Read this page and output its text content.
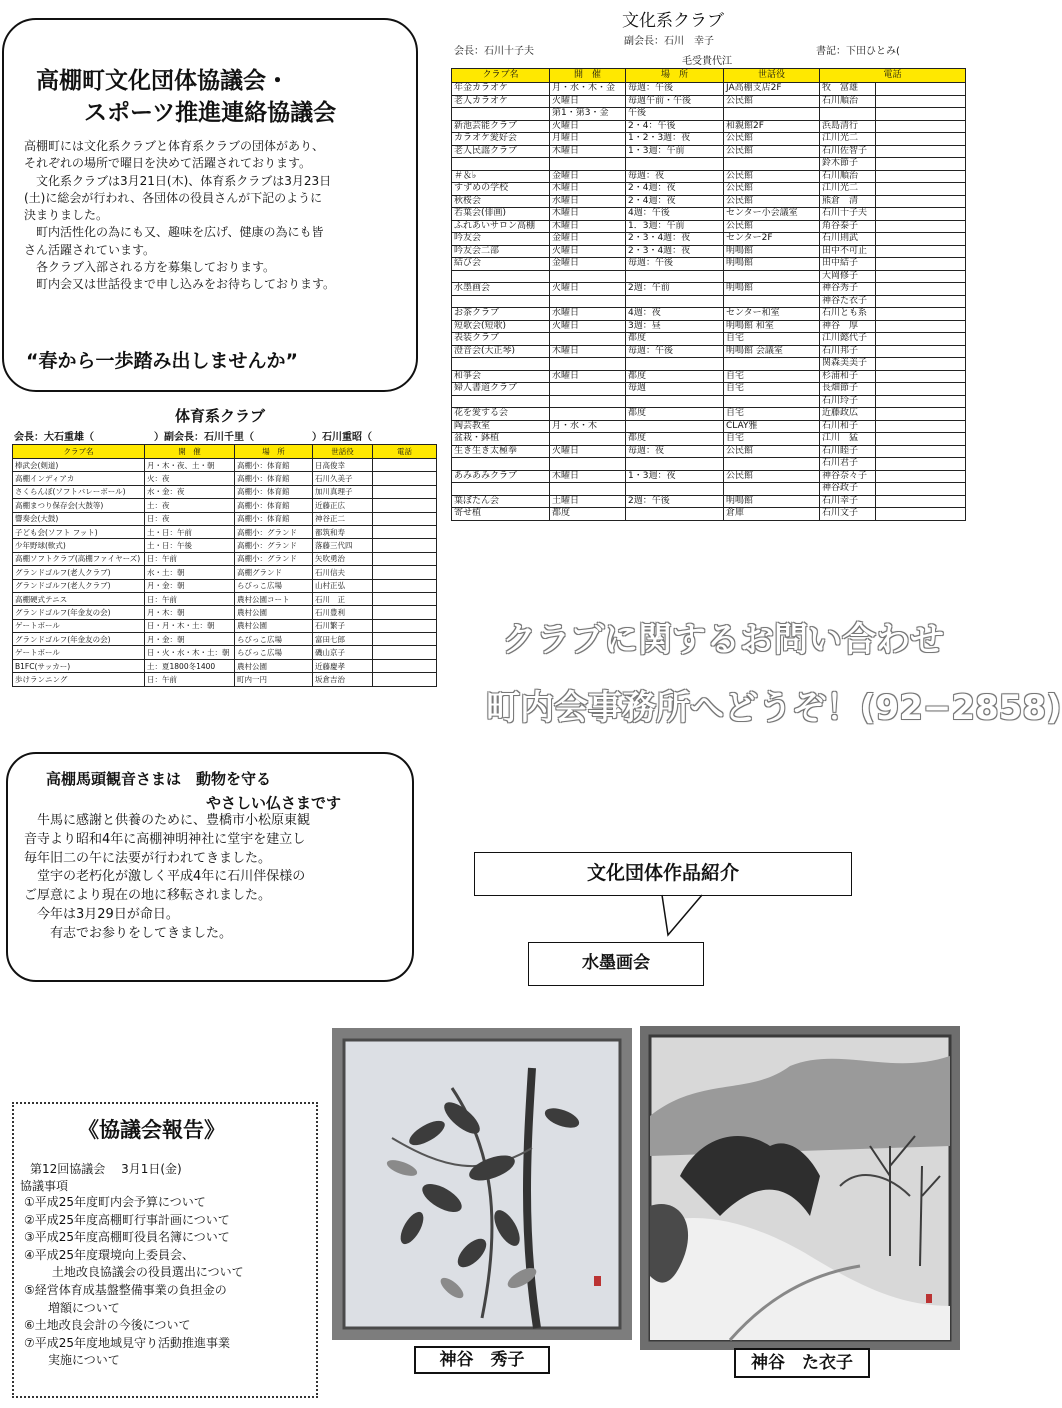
高棚町文化団体協議会・
スポーツ推進連絡協議会
高棚町には文化系クラブと体育系クラブの団体があり、
それぞれの場所で曜日を決めて活躍されております。
　文化系クラブは3月21日(木)、体育系クラブは3月23日
(土)に総会が行われ、各団体の役員さんが下記のように
決まりました。
　町内活性化の為にも又、趣味を広げ、健康の為にも皆
さん活躍されています。
　各クラブ入部される方を募集しております。
　町内会又は世話役まで申し込みをお待ちしております。
“春から一歩踏み出しませんか”
文化系クラブ
会長：石川十子夫
副会長：石川　幸子
毛受貴代江
書記：下田ひとみ(
クラブ名	開　催	場　所	世話役	電話	
年金カラオケ	月・水・木・金	毎週：午後	JA高棚支店2F	牧　富雄	
老人カラオケ	火曜日	毎週午前・午後	公民館	石川順治	
	第1・第3・金	午後			
新池芸能クラブ	火曜日	2・4：午後	和親館2F	浜島清行	
カラオケ愛好会	月曜日	1・2・3週：夜	公民館	江川光二	
老人民謡クラブ	木曜日	1・3週：午前	公民館	石川佐智子	
				鈴木節子	
＃＆♭	金曜日	毎週：夜	公民館	石川順治	
すずめの学校	木曜日	2・4週：夜	公民館	江川光二	
秋桜会	水曜日	2・4週：夜	公民館	熊倉　清	
若葉会(俳画)	木曜日	4週：午後	センター小会議室	石川十子夫	
ふれあいサロン高棚	木曜日	1．3週：午前	公民館	角谷泰子	
吟友会	金曜日	2・3・4週：夜	センター2F	石川則武	
吟友会二部	火曜日	2・3・4週：夜	明鳴館	田中不可止	
結び会	金曜日	毎週：午後	明鳴館	田中結子	
				大岡修子	
水墨画会	火曜日	2週：午前	明鳴館	神谷秀子	
				神谷た衣子	
お茶クラブ	水曜日	4週：夜	センター和室	石川とも系	
短歌会(短歌)	火曜日	3週：昼	明鳴館 和室	神谷　厚	
表装クラブ		都度	自宅	江川懿代子	
澄音会(大正琴)	木曜日	毎週：午後	明鳴館 会議室	石川邦子	
				関森美美子	
和箏会	水曜日	都度	自宅	杉浦和子	
婦人書道クラブ		毎週	自宅	長畑節子	
				石川玲子	
花を愛する会		都度	自宅	近藤政広	
陶芸教室	月・水・木		CLAY雅	石川和子	
盆栽・鉢植		都度	自宅	江川　猛	
生き生き太極拳	火曜日	毎週：夜	公民館	石川睦子	
				石川君子	
あみあみクラブ	木曜日	1・3週：夜	公民館	神谷奈々子	
				神谷政子	
葉ぼたん会	土曜日	2週：午後	明鳴館	石川幸子	
寄せ植	都度		倉庫	石川文子	
体育系クラブ
会長：大石重雄（	）副会長：石川千里（	）石川重昭（
クラブ名	開　催	場　所	世話役	電話
棒武会(剣道)	月・木・夜、土・朝	高棚小：体育館	日高俊幸	
高棚インディアカ	火：夜	高棚小：体育館	石川久美子	
さくらんぼ(ソフトバレーボール)	水・金：夜	高棚小：体育館	加川真理子	
高棚まつり保存会(大鼓等)	土：夜	高棚小：体育館	近藤正広	
響奏会(大鼓)	日：夜	高棚小：体育館	神谷正二	
子ども会(ソフト フット)	土・日：午前	高棚小：グランド	都筑和寿	
少年野球(軟式)	土・日：午後	高棚小：グランド	落藤三代四	
高棚ソフトクラブ(高棚ファイヤーズ)	日：午前	高棚小：グランド	矢吹勇治	
グランドゴルフ(老人クラブ)	水・土：朝	高棚グランド	石川信夫	
グランドゴルフ(老人クラブ)	月・金：朝	らびっこ広場	山村正弘	
高棚硬式テニス	日：午前	農村公園コート	石川　正	
グランドゴルフ(年金友の会)	月・木：朝	農村公園	石川豊利	
ゲートボール	日・月・木・土：朝	農村公園	石川繁子	
グランドゴルフ(年金友の会)	月・金：朝	らびっこ広場	富田七郎	
ゲートボール	日・火・水・木・土：朝	らびっこ広場	磯山京子	
B1FC(サッカー)	土：夏1800冬1400	農村公園	近藤慶孝	
歩けランニング	日：午前	町内一円	坂倉吉治	
クラブに関するお問い合わせ
町内会事務所へどうぞ！(92−2858)
高棚馬頭観音さまは　動物を守る
やさしい仏さまです
　牛馬に感謝と供養のために、豊橋市小松原東観
音寺より昭和4年に高棚神明神社に堂宇を建立し
毎年旧二の午に法要が行われてきました。
　堂宇の老朽化が激しく平成4年に石川伴保様の
ご厚意により現在の地に移転されました。
　今年は3月29日が命日。
　　有志でお参りをしてきました。
文化団体作品紹介
水墨画会
《協議会報告》
第12回協議会　 3月1日(金)
協議事項
①平成25年度町内会予算について
②平成25年度高棚町行事計画について
③平成25年度高棚町役員名簿について
④平成25年度環境向上委員会、
　　 土地改良協議会の役員選出について
⑤経営体育成基盤整備事業の負担金の
　　増額について
⑥土地改良会計の今後について
⑦平成25年度地域見守り活動推進事業
　　実施について	神谷　秀子	神谷　た衣子
